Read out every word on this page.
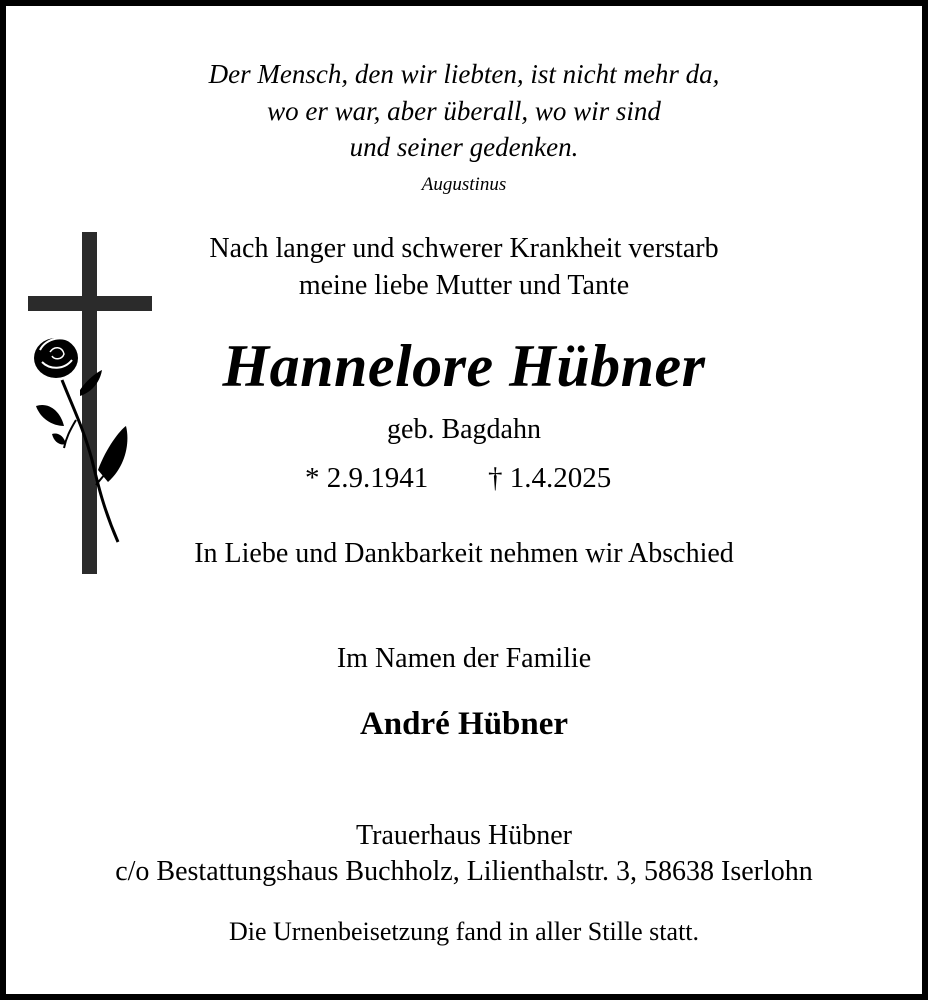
Der Mensch, den wir liebten, ist nicht mehr da,
wo er war, aber überall, wo wir sind
und seiner gedenken.
Augustinus
Nach langer und schwerer Krankheit verstarb
meine liebe Mutter und Tante
Hannelore Hübner
geb. Bagdahn
* 2.9.1941 † 1.4.2025
In Liebe und Dankbarkeit nehmen wir Abschied
Im Namen der Familie
André Hübner
Trauerhaus Hübner
c/o Bestattungshaus Buchholz, Lilienthalstr. 3, 58638 Iserlohn
Die Urnenbeisetzung fand in aller Stille statt.
